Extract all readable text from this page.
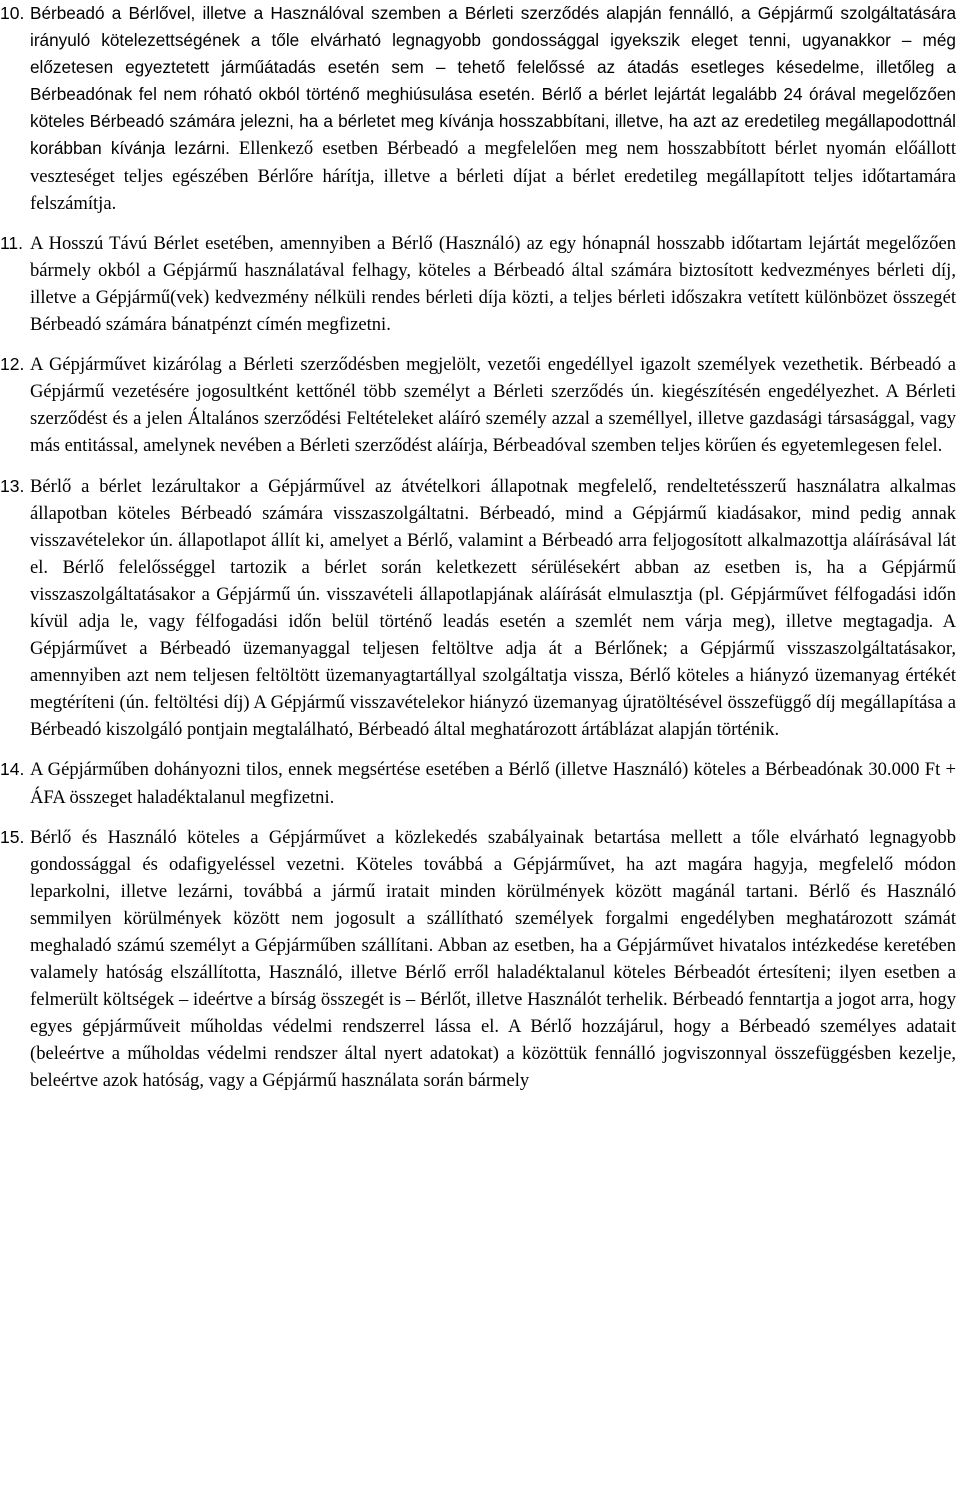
10. Bérbeadó a Bérlővel, illetve a Használóval szemben a Bérleti szerződés alapján fennálló, a Gépjármű szolgáltatására irányuló kötelezettségének a tőle elvárható legnagyobb gondossággal igyekszik eleget tenni, ugyanakkor – még előzetesen egyeztetett járműátadás esetén sem – tehető felelőssé az átadás esetleges késedelme, illetőleg a Bérbeadónak fel nem róható okból történő meghiúsulása esetén. Bérlő a bérlet lejártát legalább 24 órával megelőzően köteles Bérbeadó számára jelezni, ha a bérletet meg kívánja hosszabbítani, illetve, ha azt az eredetileg megállapodottnál korábban kívánja lezárni. Ellenkező esetben Bérbeadó a megfelelően meg nem hosszabbított bérlet nyomán előállott veszteséget teljes egészében Bérlőre hárítja, illetve a bérleti díjat a bérlet eredetileg megállapított teljes időtartamára felszámítja.
11. A Hosszú Távú Bérlet esetében, amennyiben a Bérlő (Használó) az egy hónapnál hosszabb időtartam lejártát megelőzően bármely okból a Gépjármű használatával felhagy, köteles a Bérbeadó által számára biztosított kedvezményes bérleti díj, illetve a Gépjármű(vek) kedvezmény nélküli rendes bérleti díja közti, a teljes bérleti időszakra vetített különbözet összegét Bérbeadó számára bánatpénzt címén megfizetni.
12. A Gépjárművet kizárólag a Bérleti szerződésben megjelölt, vezetői engedéllyel igazolt személyek vezethetik. Bérbeadó a Gépjármű vezetésére jogosultként kettőnél több személyt a Bérleti szerződés ún. kiegészítésén engedélyezhet. A Bérleti szerződést és a jelen Általános szerződési Feltételeket aláíró személy azzal a személlyel, illetve gazdasági társasággal, vagy más entitással, amelynek nevében a Bérleti szerződést aláírja, Bérbeadóval szemben teljes körűen és egyetemlegesen felel.
13. Bérlő a bérlet lezárultakor a Gépjárművel az átvételkori állapotnak megfelelő, rendeltetésszerű használatra alkalmas állapotban köteles Bérbeadó számára visszaszolgáltatni. Bérbeadó, mind a Gépjármű kiadásakor, mind pedig annak visszavételekor ún. állapotlapot állít ki, amelyet a Bérlő, valamint a Bérbeadó arra feljogosított alkalmazottja aláírásával lát el. Bérlő felelősséggel tartozik a bérlet során keletkezett sérülésekért abban az esetben is, ha a Gépjármű visszaszolgáltatásakor a Gépjármű ún. visszavételi állapotlapjának aláírását elmulasztja (pl. Gépjárművet félfogadási időn kívül adja le, vagy félfogadási időn belül történő leadás esetén a szemlét nem várja meg), illetve megtagadja. A Gépjárművet a Bérbeadó üzemanyaggal teljesen feltöltve adja át a Bérlőnek; a Gépjármű visszaszolgáltatásakor, amennyiben azt nem teljesen feltöltött üzemanyagtartállyal szolgáltatja vissza, Bérlő köteles a hiányzó üzemanyag értékét megtéríteni (ún. feltöltési díj) A Gépjármű visszavételekor hiányzó üzemanyag újratöltésével összefüggő díj megállapítása a Bérbeadó kiszolgáló pontjain megtalálható, Bérbeadó által meghatározott ártáblázat alapján történik.
14. A Gépjárműben dohányozni tilos, ennek megsértése esetében a Bérlő (illetve Használó) köteles a Bérbeadónak 30.000 Ft + ÁFA összeget haladéktalanul megfizetni.
15. Bérlő és Használó köteles a Gépjárművet a közlekedés szabályainak betartása mellett a tőle elvárható legnagyobb gondossággal és odafigyeléssel vezetni. Köteles továbbá a Gépjárművet, ha azt magára hagyja, megfelelő módon leparkolni, illetve lezárni, továbbá a jármű iratait minden körülmények között magánál tartani. Bérlő és Használó semmilyen körülmények között nem jogosult a szállítható személyek forgalmi engedélyben meghatározott számát meghaladó számú személyt a Gépjárműben szállítani. Abban az esetben, ha a Gépjárművet hivatalos intézkedése keretében valamely hatóság elszállította, Használó, illetve Bérlő erről haladéktalanul köteles Bérbeadót értesíteni; ilyen esetben a felmerült költségek – ideértve a bírság összegét is – Bérlőt, illetve Használót terhelik. Bérbeadó fenntartja a jogot arra, hogy egyes gépjárműveit műholdas védelmi rendszerrel lássa el. A Bérlő hozzájárul, hogy a Bérbeadó személyes adatait (beleértve a műholdas védelmi rendszer által nyert adatokat) a közöttük fennálló jogviszonnyal összefüggésben kezelje, beleértve azok hatóság, vagy a Gépjármű használata során bármely
